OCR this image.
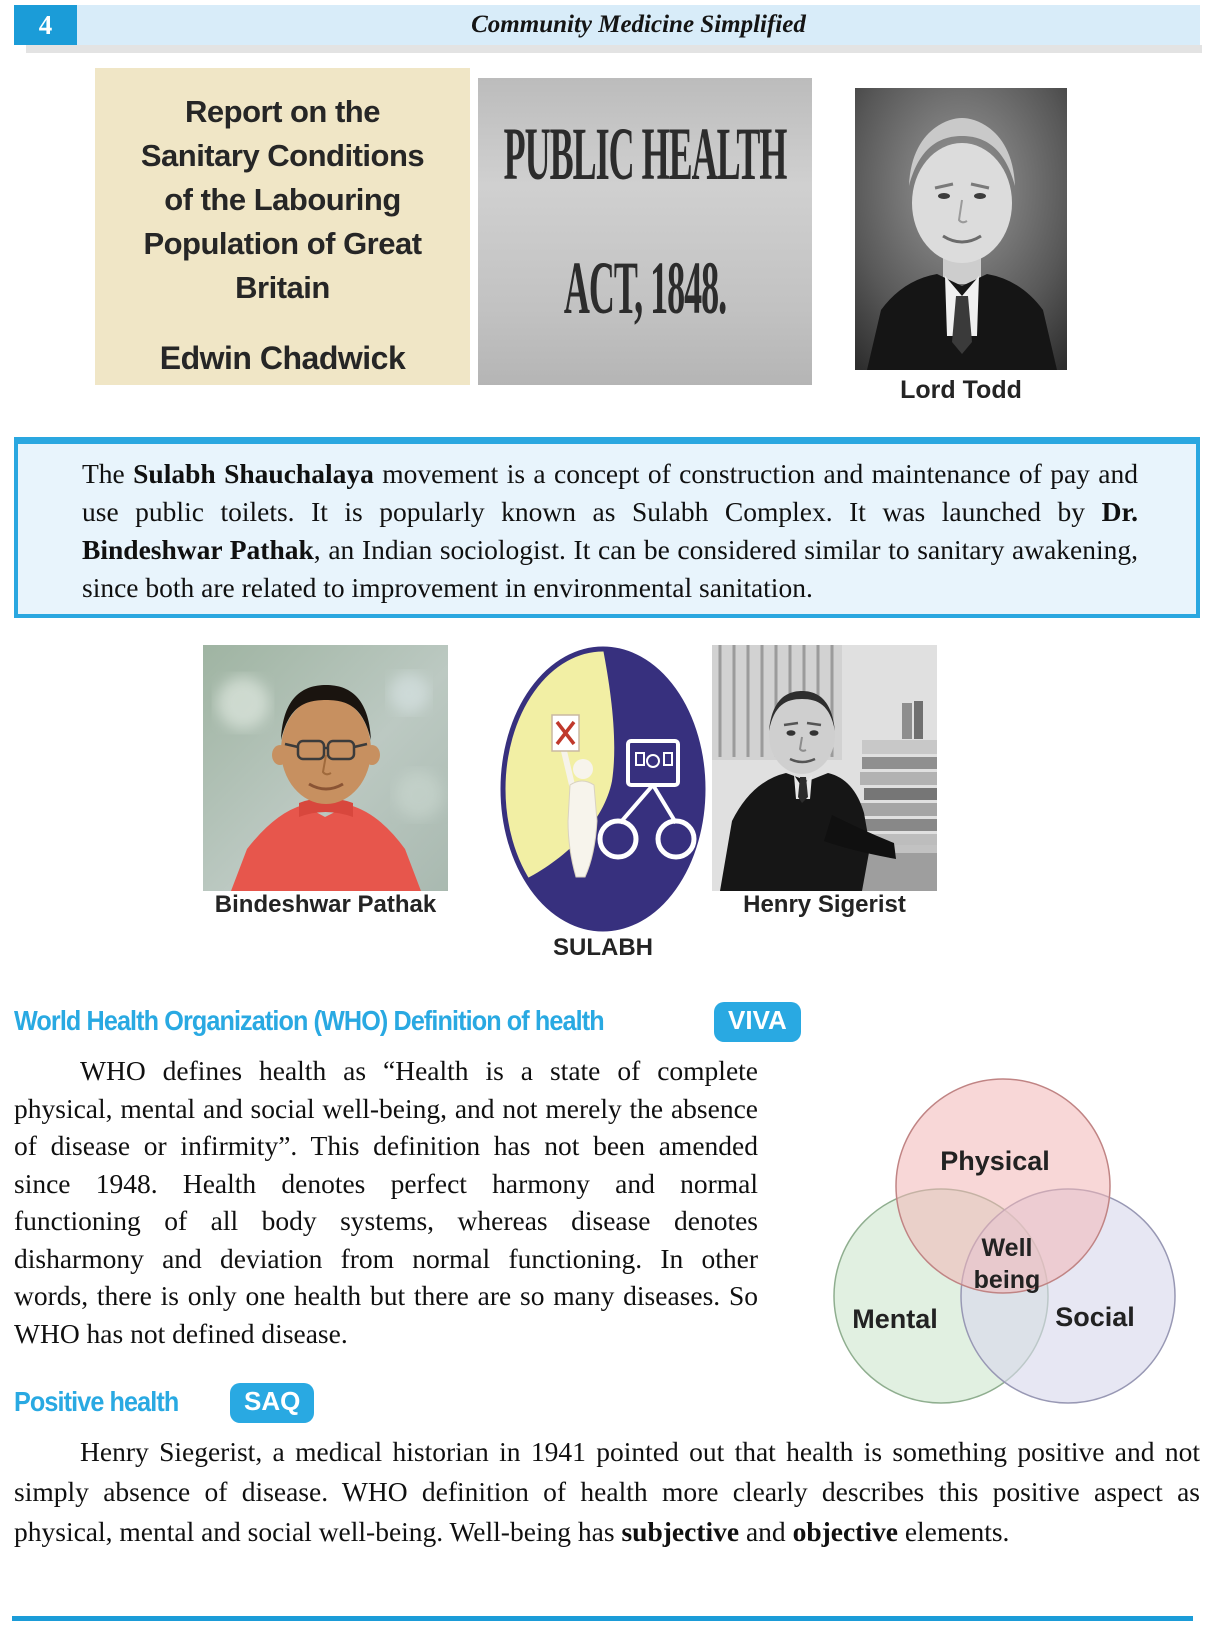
4	Community Medicine Simplified
Report on the
Sanitary Conditions
of the Labouring
Population of Great
Britain
Edwin Chadwick
PUBLIC HEALTH
ACT, 1848.
Lord Todd
The Sulabh Shauchalaya movement is a concept of construction and maintenance of pay and use public toilets. It is popularly known as Sulabh Complex. It was launched by Dr. Bindeshwar Pathak, an Indian sociologist. It can be considered similar to sanitary awakening, since both are related to improvement in environmental sanitation.
Bindeshwar Pathak
SULABH
Henry Sigerist
World Health Organization (WHO) Definition of health	VIVA
WHO defines health as “Health is a state of complete physical, mental and social well-being, and not merely the absence of disease or infirmity”. This definition has not been amended since 1948. Health denotes perfect harmony and normal functioning of all body systems, whereas disease denotes disharmony and deviation from normal functioning. In other words, there is only one health but there are so many diseases. So WHO has not defined disease.
Physical
Mental	Social
Well
being
Positive health	SAQ
Henry Siegerist, a medical historian in 1941 pointed out that health is something positive and not simply absence of disease. WHO definition of health more clearly describes this positive aspect as physical, mental and social well-being. Well-being has subjective and objective elements.
